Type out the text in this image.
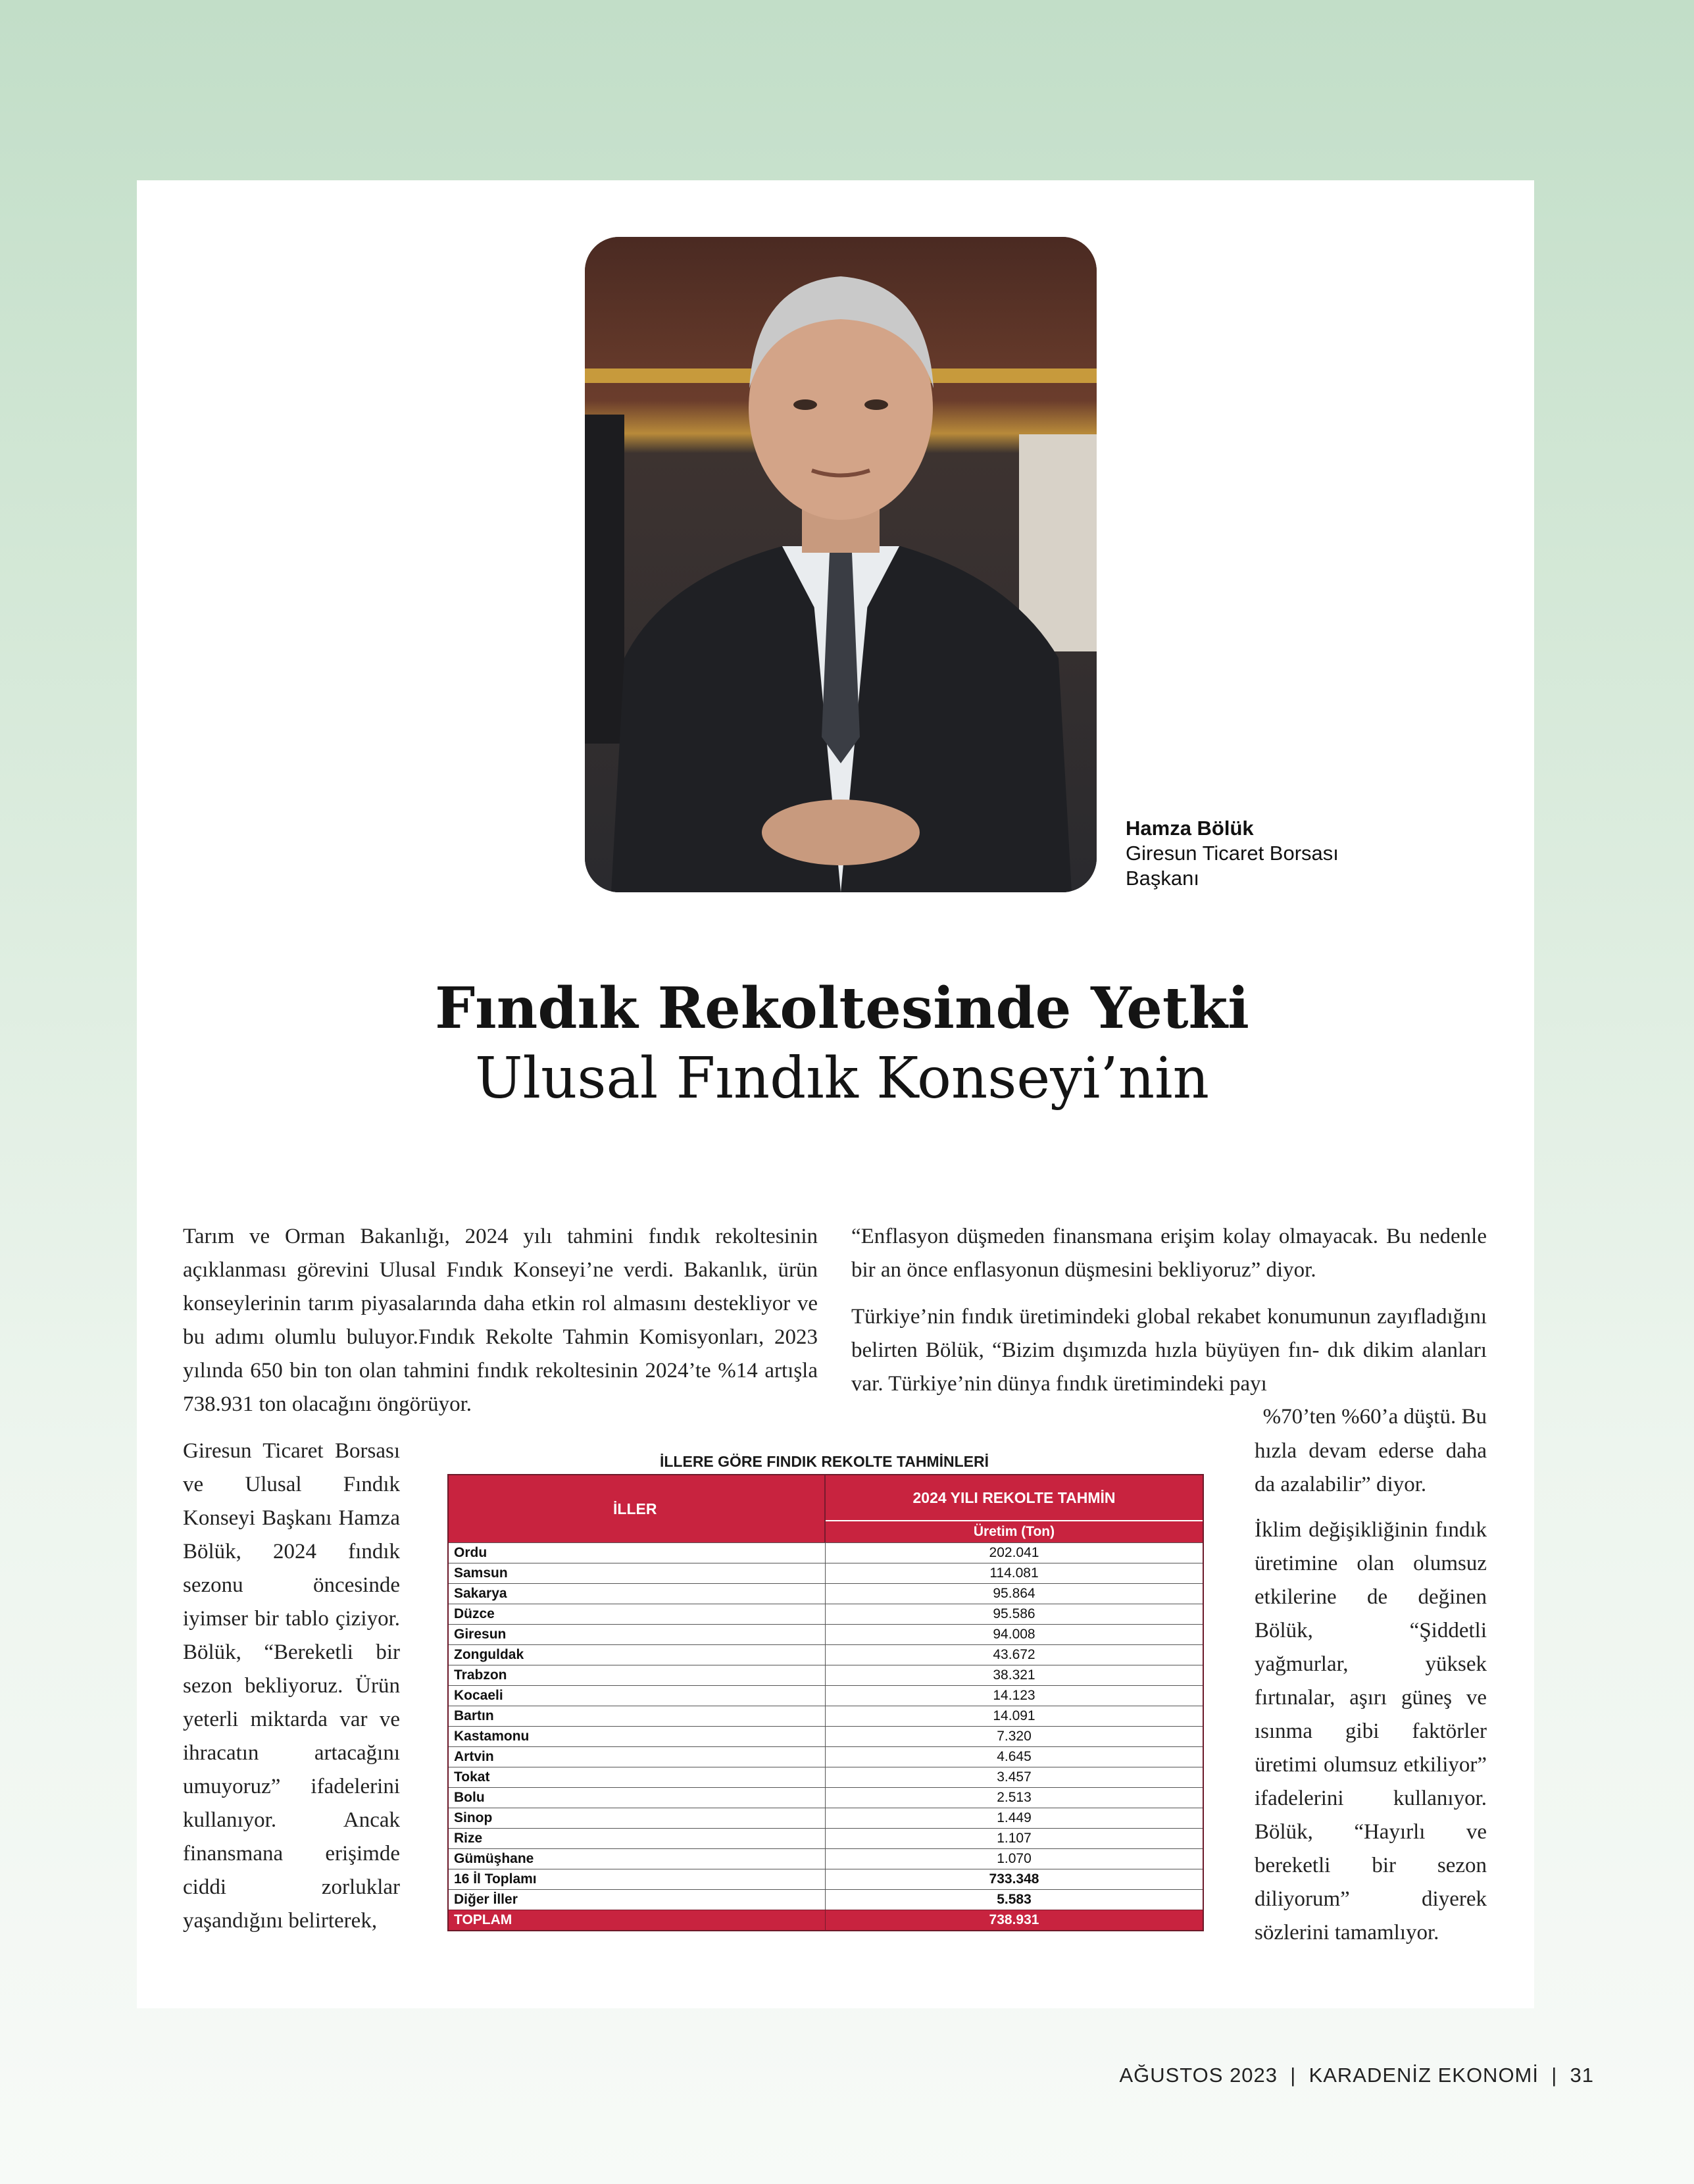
Hamza Bölük
Giresun Ticaret Borsası
Başkanı
Fındık Rekoltesinde Yetki
Ulusal Fındık Konseyi’nin

Tarım ve Orman Bakanlığı, 2024 yılı tahmini fındık rekoltesinin açıklanması görevini Ulusal Fındık Konseyi’ne verdi. Bakanlık, ürün konseylerinin tarım piyasalarında daha etkin rol almasını destekliyor ve bu adımı olumlu buluyor.Fındık Rekolte Tahmin Komisyonları, 2023 yılında 650 bin ton olan tahmini fındık rekoltesinin 2024’te %14 artışla 738.931 ton olacağını öngörüyor.

Giresun Ticaret Borsası ve Ulusal Fındık Konseyi Başkanı Hamza Bölük, 2024 fındık sezonu öncesinde iyimser bir tablo çiziyor. Bölük, “Bereketli bir sezon bekliyoruz. Ürün yeterli miktarda var ve ihracatın artacağını umuyoruz” ifadelerini kullanıyor. Ancak finansmana erişimde ciddi zorluklar yaşandığını belirterek,

“Enflasyon düşmeden finansmana erişim kolay olmayacak. Bu nedenle bir an önce enflasyonun düşmesini bekliyoruz” diyor.

Türkiye’nin fındık üretimindeki global rekabet konumunun zayıfladığını belirten Bölük, “Bizim dışımızda hızla büyüyen fın- dık dikim alanları var. Türkiye’nin dünya fındık üretimindeki payı

%70’ten %60’a düştü. Bu

hızla devam ederse daha da azalabilir” diyor.

İklim değişikliğinin fındık üretimine olan olumsuz etkilerine de değinen Bölük, “Şiddetli yağmurlar, yüksek fırtınalar, aşırı güneş ve ısınma gibi faktörler üretimi olumsuz etkiliyor” ifadelerini kullanıyor. Bölük, “Hayırlı ve bereketli bir sezon diliyorum” diyerek sözlerini tamamlıyor.

İLLERE GÖRE FINDIK REKOLTE TAHMİNLERİ
İLLER
2024 YILI REKOLTE TAHMİN
Üretim (Ton)
Ordu	202.041
Samsun	114.081
Sakarya	95.864
Düzce	95.586
Giresun	94.008
Zonguldak	43.672
Trabzon	38.321
Kocaeli	14.123
Bartın	14.091
Kastamonu	7.320
Artvin	4.645
Tokat	3.457
Bolu	2.513
Sinop	1.449
Rize	1.107
Gümüşhane	1.070
16 İl Toplamı	733.348
Diğer İller	5.583
TOPLAM	738.931
AĞUSTOS 2023  |  KARADENİZ EKONOMİ  |  31
